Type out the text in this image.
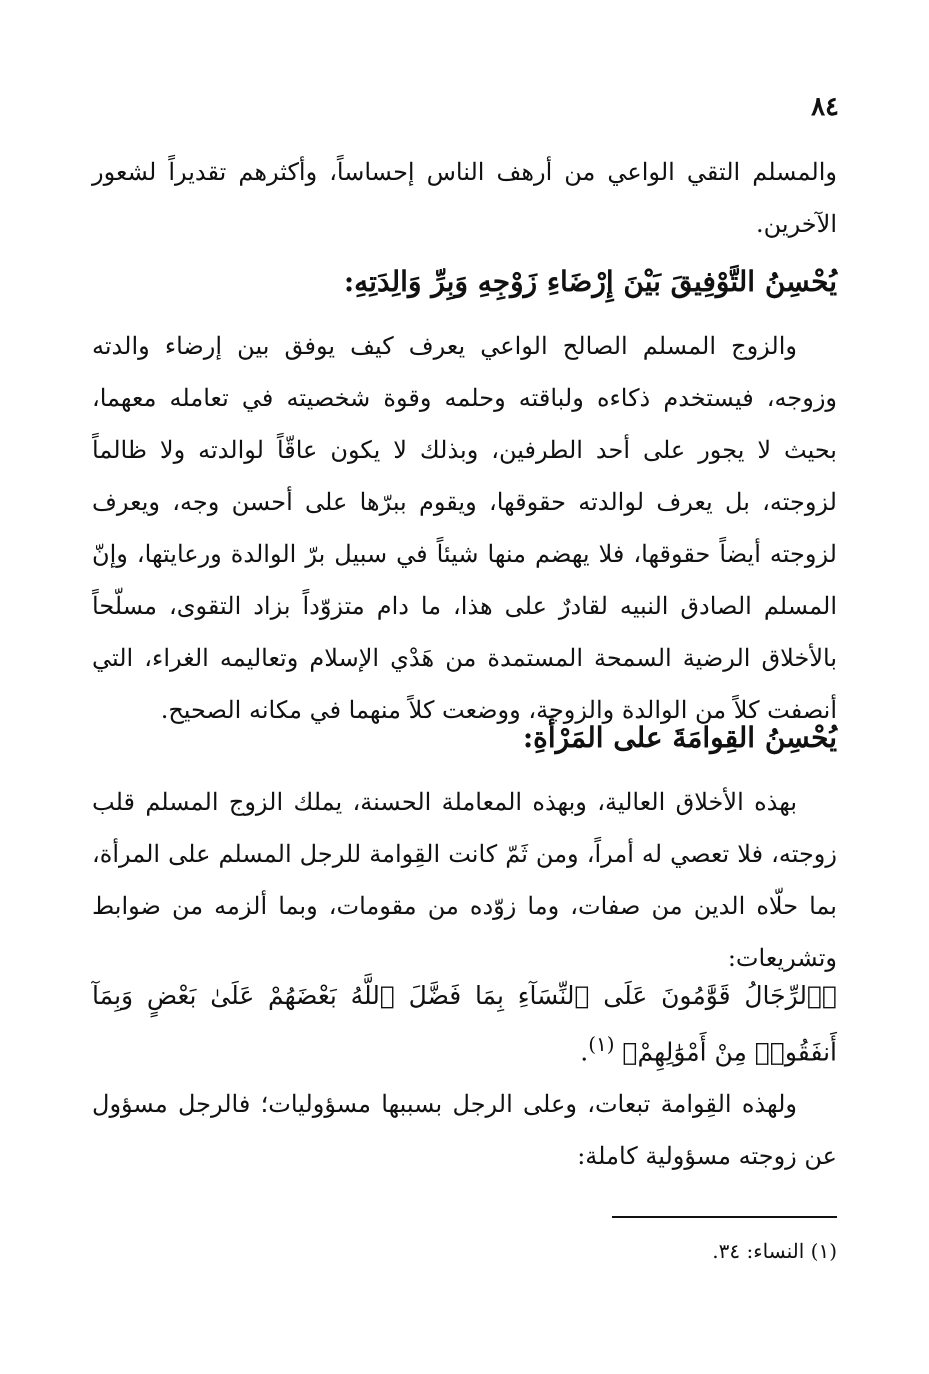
٨٤

والمسلم التقي الواعي من أرهف الناس إحساساً، وأكثرهم تقديراً لشعور الآخرين.

يُحْسِنُ التَّوْفِيقَ بَيْنَ إِرْضَاءِ زَوْجِهِ وَبِرِّ وَالِدَتِهِ:

والزوج المسلم الصالح الواعي يعرف كيف يوفق بين إرضاء والدته وزوجه، فيستخدم ذكاءه ولباقته وحلمه وقوة شخصيته في تعامله معهما، بحيث لا يجور على أحد الطرفين، وبذلك لا يكون عاقّاً لوالدته ولا ظالماً لزوجته، بل يعرف لوالدته حقوقها، ويقوم ببرّها على أحسن وجه، ويعرف لزوجته أيضاً حقوقها، فلا يهضم منها شيئاً في سبيل برّ الوالدة ورعايتها، وإنّ المسلم الصادق النبيه لقادرٌ على هذا، ما دام متزوّداً بزاد التقوى، مسلّحاً بالأخلاق الرضية السمحة المستمدة من هَدْي الإسلام وتعاليمه الغراء، التي أنصفت كلاً من الوالدة والزوجة، ووضعت كلاً منهما في مكانه الصحيح.

يُحْسِنُ القِوامَةَ على المَرْأَةِ:

بهذه الأخلاق العالية، وبهذه المعاملة الحسنة، يملك الزوج المسلم قلب زوجته، فلا تعصي له أمراً، ومن ثَمّ كانت القِوامة للرجل المسلم على المرأة، بما حلّاه الدين من صفات، وما زوّده من مقومات، وبما ألزمه من ضوابط وتشريعات:

﴿ٱلرِّجَالُ قَوَّٰمُونَ عَلَى ٱلنِّسَآءِ بِمَا فَضَّلَ ٱللَّهُ بَعْضَهُمْ عَلَىٰ بَعْضٍ وَبِمَآ أَنفَقُوا۟ مِنْ أَمْوَٰلِهِمْ﴾ $^{(١)}$.

ولهذه القِوامة تبعات، وعلى الرجل بسببها مسؤوليات؛ فالرجل مسؤول عن زوجته مسؤولية كاملة:

(١) النساء: ٣٤.
